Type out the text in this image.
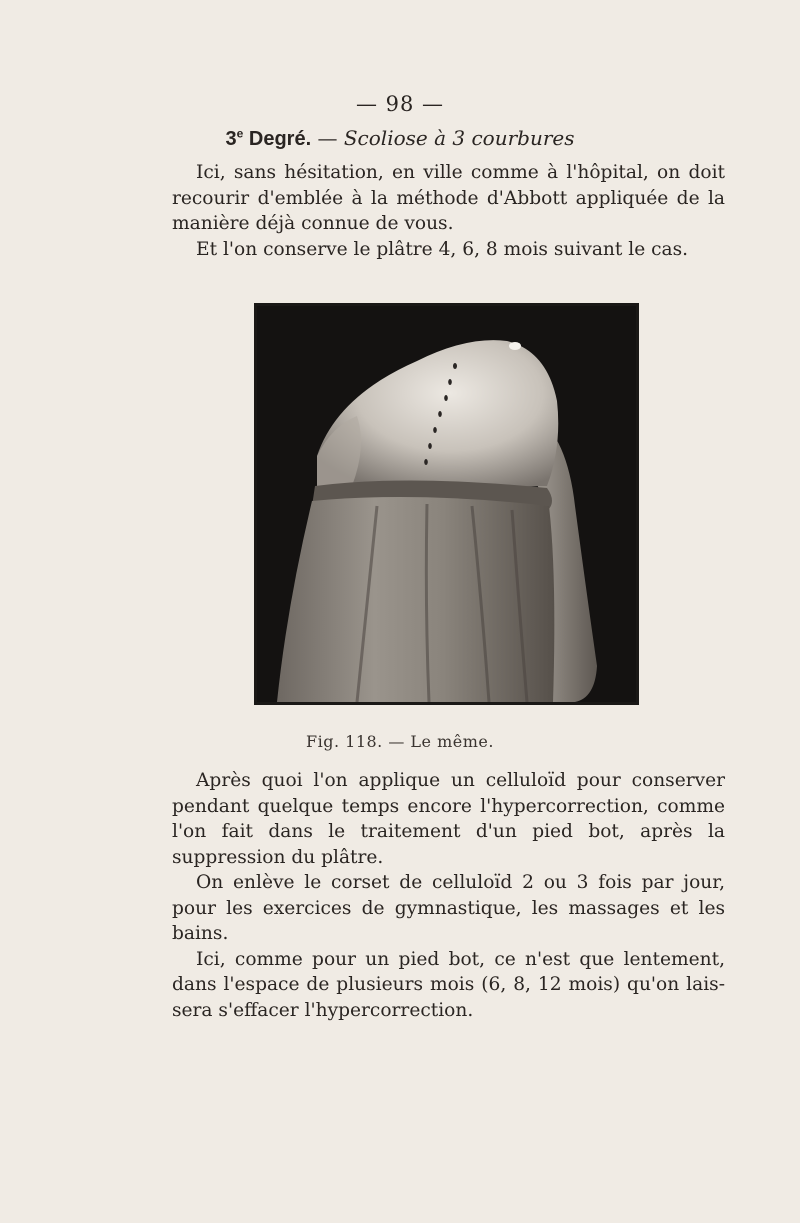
— 98 —
3e Degré. — Scoliose à 3 courbures

Ici, sans hésitation, en ville comme à l'hôpital, on doit recourir d'emblée à la méthode d'Abbott appliquée de la manière déjà connue de vous.

Et l'on conserve le plâtre 4, 6, 8 mois suivant le cas.

Fig. 118. — Le même.

Après quoi l'on applique un celluloïd pour conserver pendant quelque temps encore l'hypercorrection, comme l'on fait dans le traitement d'un pied bot, après la suppression du plâtre.

On enlève le corset de celluloïd 2 ou 3 fois par jour, pour les exercices de gymnastique, les massages et les bains.

Ici, comme pour un pied bot, ce n'est que lentement, dans l'espace de plusieurs mois (6, 8, 12 mois) qu'on laissera s'effacer l'hypercorrection.
